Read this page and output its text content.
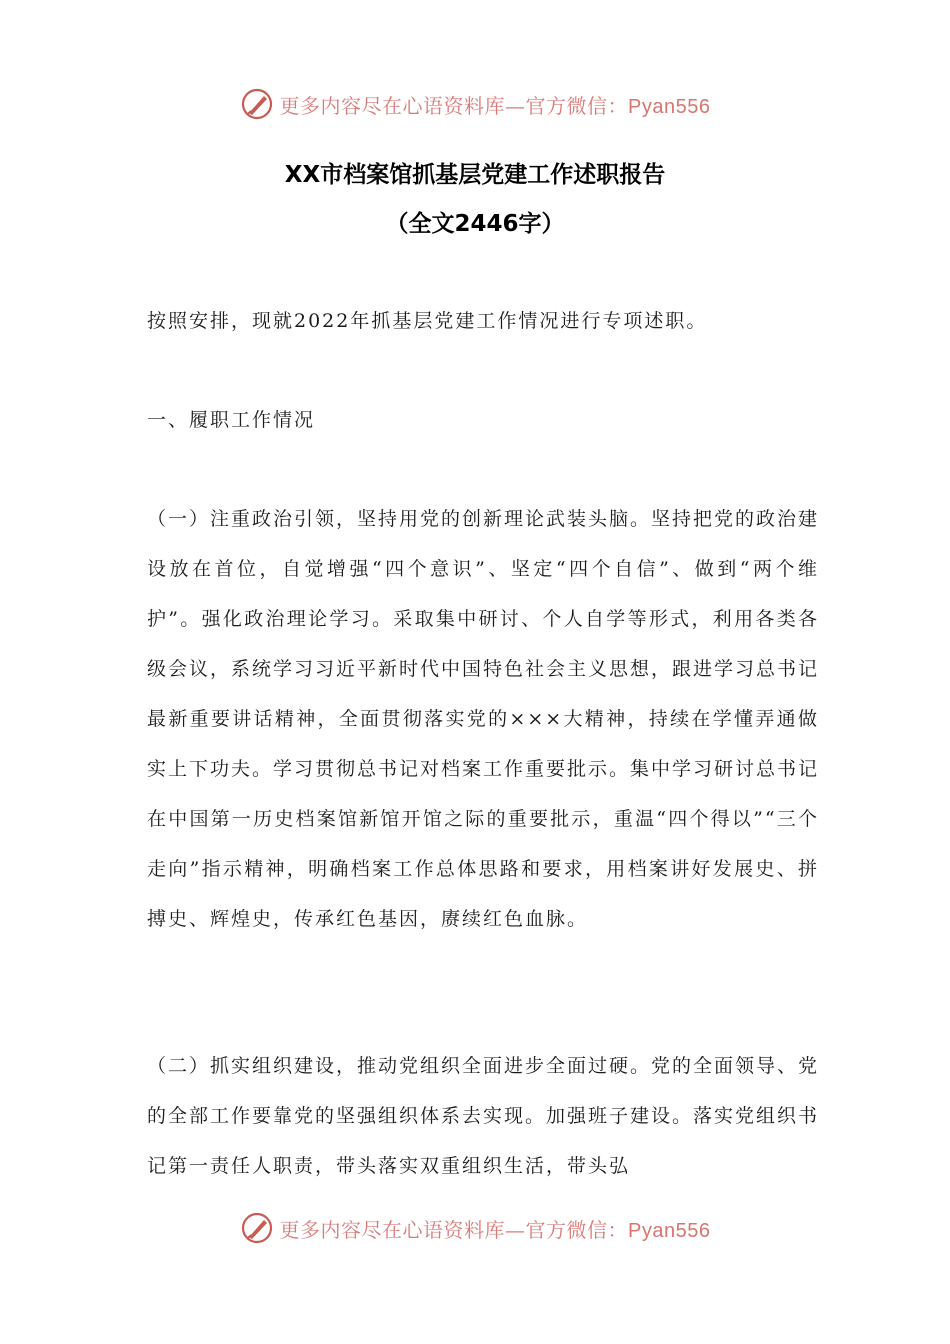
更多内容尽在心语资料库—官方微信：Pyan556
XX市档案馆抓基层党建工作述职报告
（全文2446字）

按照安排，现就2022年抓基层党建工作情况进行专项述职。

一、履职工作情况

（一）注重政治引领，坚持用党的创新理论武装头脑。坚持把党的政治建设放在首位，自觉增强“四个意识”、坚定“四个自信”、做到“两个维护”。强化政治理论学习。采取集中研讨、个人自学等形式，利用各类各级会议，系统学习习近平新时代中国特色社会主义思想，跟进学习总书记最新重要讲话精神，全面贯彻落实党的×××大精神，持续在学懂弄通做实上下功夫。学习贯彻总书记对档案工作重要批示。集中学习研讨总书记在中国第一历史档案馆新馆开馆之际的重要批示，重温“四个得以”“三个走向”指示精神，明确档案工作总体思路和要求，用档案讲好发展史、拼搏史、辉煌史，传承红色基因，赓续红色血脉。

（二）抓实组织建设，推动党组织全面进步全面过硬。党的全面领导、党的全部工作要靠党的坚强组织体系去实现。加强班子建设。落实党组织书记第一责任人职责，带头落实双重组织生活，带头弘

更多内容尽在心语资料库—官方微信：Pyan556
